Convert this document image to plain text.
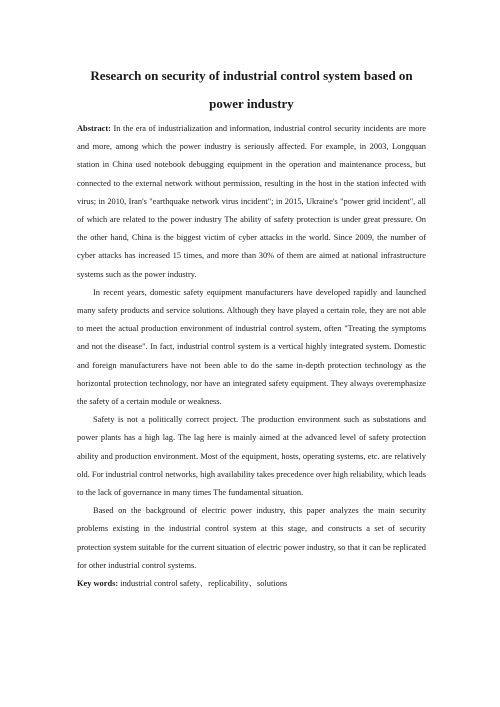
Research on security of industrial control system based on
power industry

Abstract: In the era of industrialization and information, industrial control security incidents are more and more, among which the power industry is seriously affected. For example, in 2003, Longquan station in China used notebook debugging equipment in the operation and maintenance process, but connected to the external network without permission, resulting in the host in the station infected with virus; in 2010, Iran's "earthquake network virus incident"; in 2015, Ukraine's "power grid incident", all of which are related to the power industry The ability of safety protection is under great pressure. On the other hand, China is the biggest victim of cyber attacks in the world. Since 2009, the number of cyber attacks has increased 15 times, and more than 30% of them are aimed at national infrastructure systems such as the power industry.

In recent years, domestic safety equipment manufacturers have developed rapidly and launched many safety products and service solutions. Although they have played a certain role, they are not able to meet the actual production environment of industrial control system, often "Treating the symptoms and not the disease". In fact, industrial control system is a vertical highly integrated system. Domestic and foreign manufacturers have not been able to do the same in-depth protection technology as the horizontal protection technology, nor have an integrated safety equipment. They always overemphasize the safety of a certain module or weakness.

Safety is not a politically correct project. The production environment such as substations and power plants has a high lag. The lag here is mainly aimed at the advanced level of safety protection ability and production environment. Most of the equipment, hosts, operating systems, etc. are relatively old. For industrial control networks, high availability takes precedence over high reliability, which leads to the lack of governance in many times The fundamental situation.

Based on the background of electric power industry, this paper analyzes the main security problems existing in the industrial control system at this stage, and constructs a set of security protection system suitable for the current situation of electric power industry, so that it can be replicated for other industrial control systems.

Key words: industrial control safety、replicability、solutions
